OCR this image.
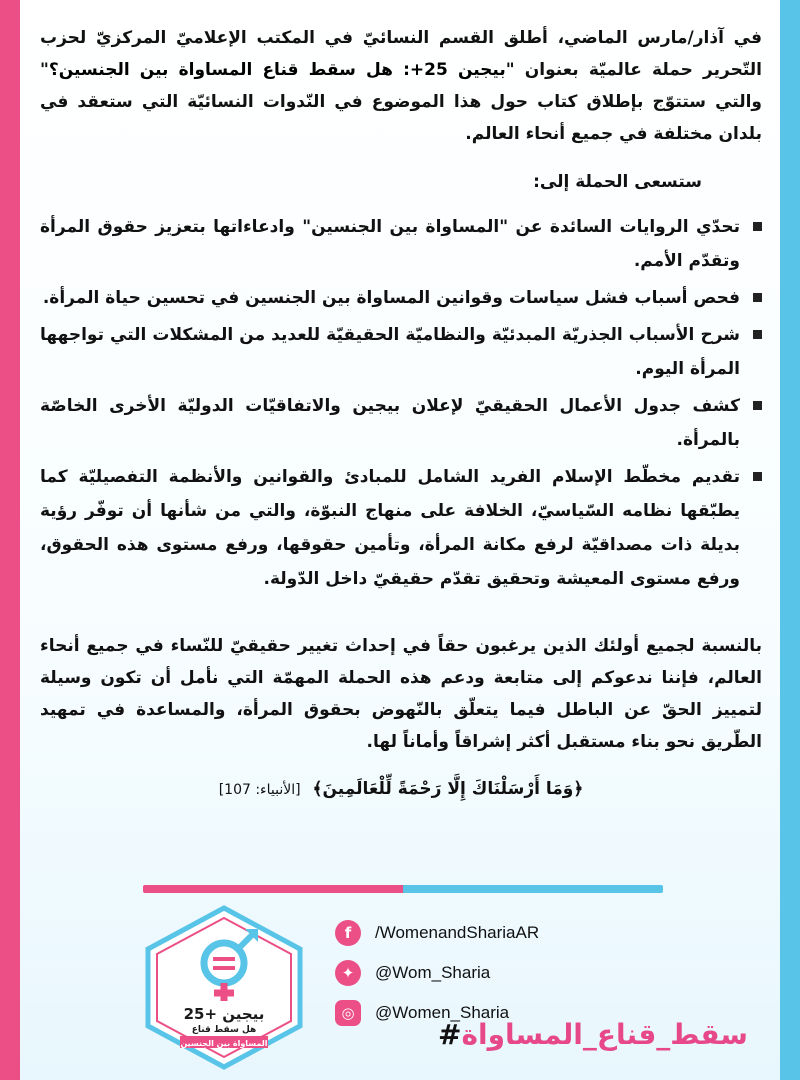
في آذار/مارس الماضي، أطلق القسم النسائيّ في المكتب الإعلاميّ المركزيّ لحزب التّحرير حملة عالميّة بعنوان "بيجين 25+: هل سقط قناع المساواة بين الجنسين؟" والتي ستتوّج بإطلاق كتاب حول هذا الموضوع في النّدوات النسائيّة التي ستعقد في بلدان مختلفة في جميع أنحاء العالم.

ستسعى الحملة إلى:
تحدّي الروايات السائدة عن "المساواة بين الجنسين" وادعاءاتها بتعزيز حقوق المرأة وتقدّم الأمم.
فحص أسباب فشل سياسات وقوانين المساواة بين الجنسين في تحسين حياة المرأة.
شرح الأسباب الجذريّة المبدئيّة والنظاميّة الحقيقيّة للعديد من المشكلات التي تواجهها المرأة اليوم.
كشف جدول الأعمال الحقيقيّ لإعلان بيجين والاتفاقيّات الدوليّة الأخرى الخاصّة بالمرأة.
تقديم مخطّط الإسلام الفريد الشامل للمبادئ والقوانين والأنظمة التفصيليّة كما يطبّقها نظامه السّياسيّ، الخلافة على منهاج النبوّة، والتي من شأنها أن توفّر رؤية بديلة ذات مصداقيّة لرفع مكانة المرأة، وتأمين حقوقها، ورفع مستوى هذه الحقوق، ورفع مستوى المعيشة وتحقيق تقدّم حقيقيّ داخل الدّولة.

بالنسبة لجميع أولئك الذين يرغبون حقاً في إحداث تغيير حقيقيّ للنّساء في جميع أنحاء العالم، فإننا ندعوكم إلى متابعة ودعم هذه الحملة المهمّة التي نأمل أن تكون وسيلة لتمييز الحقّ عن الباطل فيما يتعلّق بالنّهوض بحقوق المرأة، والمساعدة في تمهيد الطّريق نحو بناء مستقبل أكثر إشراقاً وأماناً لها.

﴿وَمَا أَرْسَلْنَاكَ إِلَّا رَحْمَةً لِّلْعَالَمِينَ﴾ [الأنبياء: 107]
بيجين +25
هل سقط قناع
المساواة بين الجنسين
f	/WomenandShariaAR
✦	@Wom_Sharia
◎	@Women_Sharia
سقط_قناع_المساواة#
